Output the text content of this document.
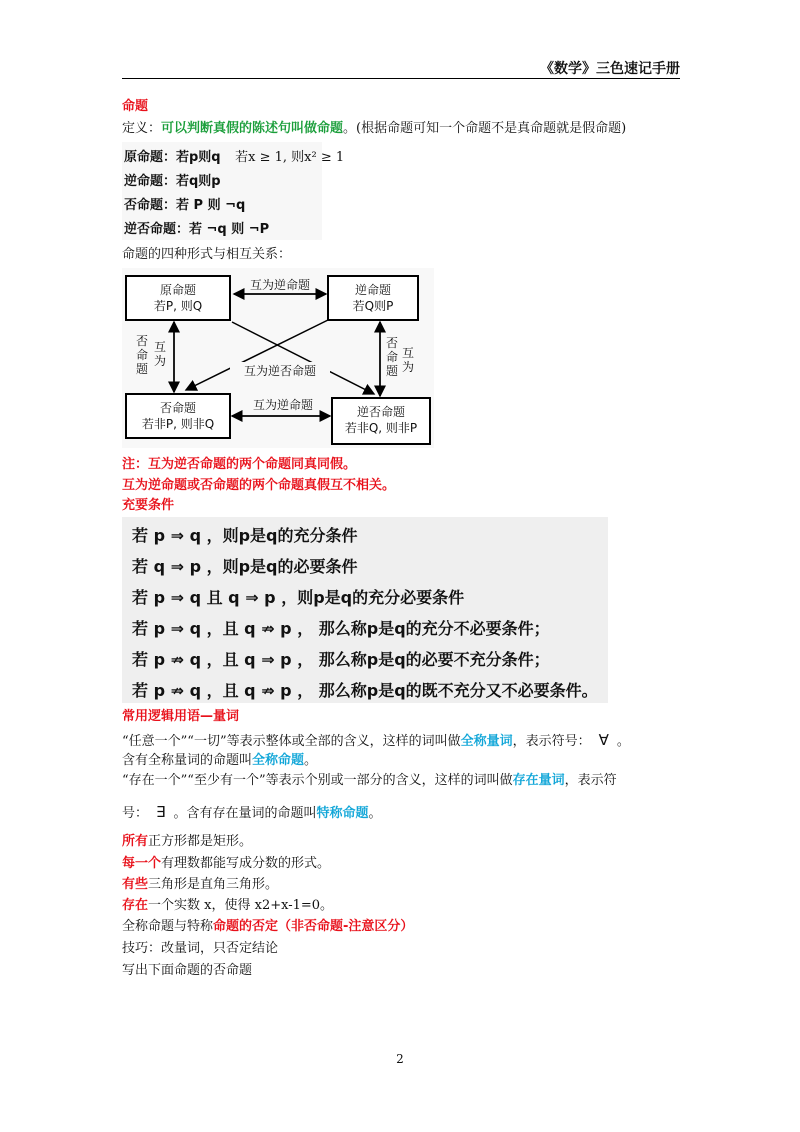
《数学》三色速记手册
命题
定义：可以判断真假的陈述句叫做命题。(根据命题可知一个命题不是真命题就是假命题)
原命题：若p则q 若x ≥ 1, 则x² ≥ 1
逆命题：若q则p
否命题：若 P 则 ¬q
逆否命题：若 ¬q 则 ¬P
命题的四种形式与相互关系：
原命题
若P, 则Q
逆命题
若Q则P
否命题
若非P, 则非Q
逆否命题
若非Q, 则非P
互为逆命题
互为逆命题
互为逆否命题
否命题
互为
否命题
互为
注：互为逆否命题的两个命题同真同假。
互为逆命题或否命题的两个命题真假互不相关。
充要条件
若 p ⇒ q ，则p是q的充分条件
若 q ⇒ p ，则p是q的必要条件
若 p ⇒ q 且 q ⇒ p ，则p是q的充分必要条件
若 p ⇒ q ，且 q ⇏ p ， 那么称p是q的充分不必要条件；
若 p ⇏ q ，且 q ⇒ p ， 那么称p是q的必要不充分条件；
若 p ⇏ q ，且 q ⇏ p ， 那么称p是q的既不充分又不必要条件。
常用逻辑用语—量词
“任意一个”“一切”等表示整体或全部的含义，这样的词叫做全称量词，表示符号： ∀ 。
含有全称量词的命题叫全称命题。
“存在一个”“至少有一个”等表示个别或一部分的含义，这样的词叫做存在量词，表示符
号： ∃ 。含有存在量词的命题叫特称命题。
所有正方形都是矩形。
每一个有理数都能写成分数的形式。
有些三角形是直角三角形。
存在一个实数 x，使得 x2+x-1=0。
全称命题与特称命题的否定（非否命题-注意区分）
技巧：改量词，只否定结论
写出下面命题的否命题
2
